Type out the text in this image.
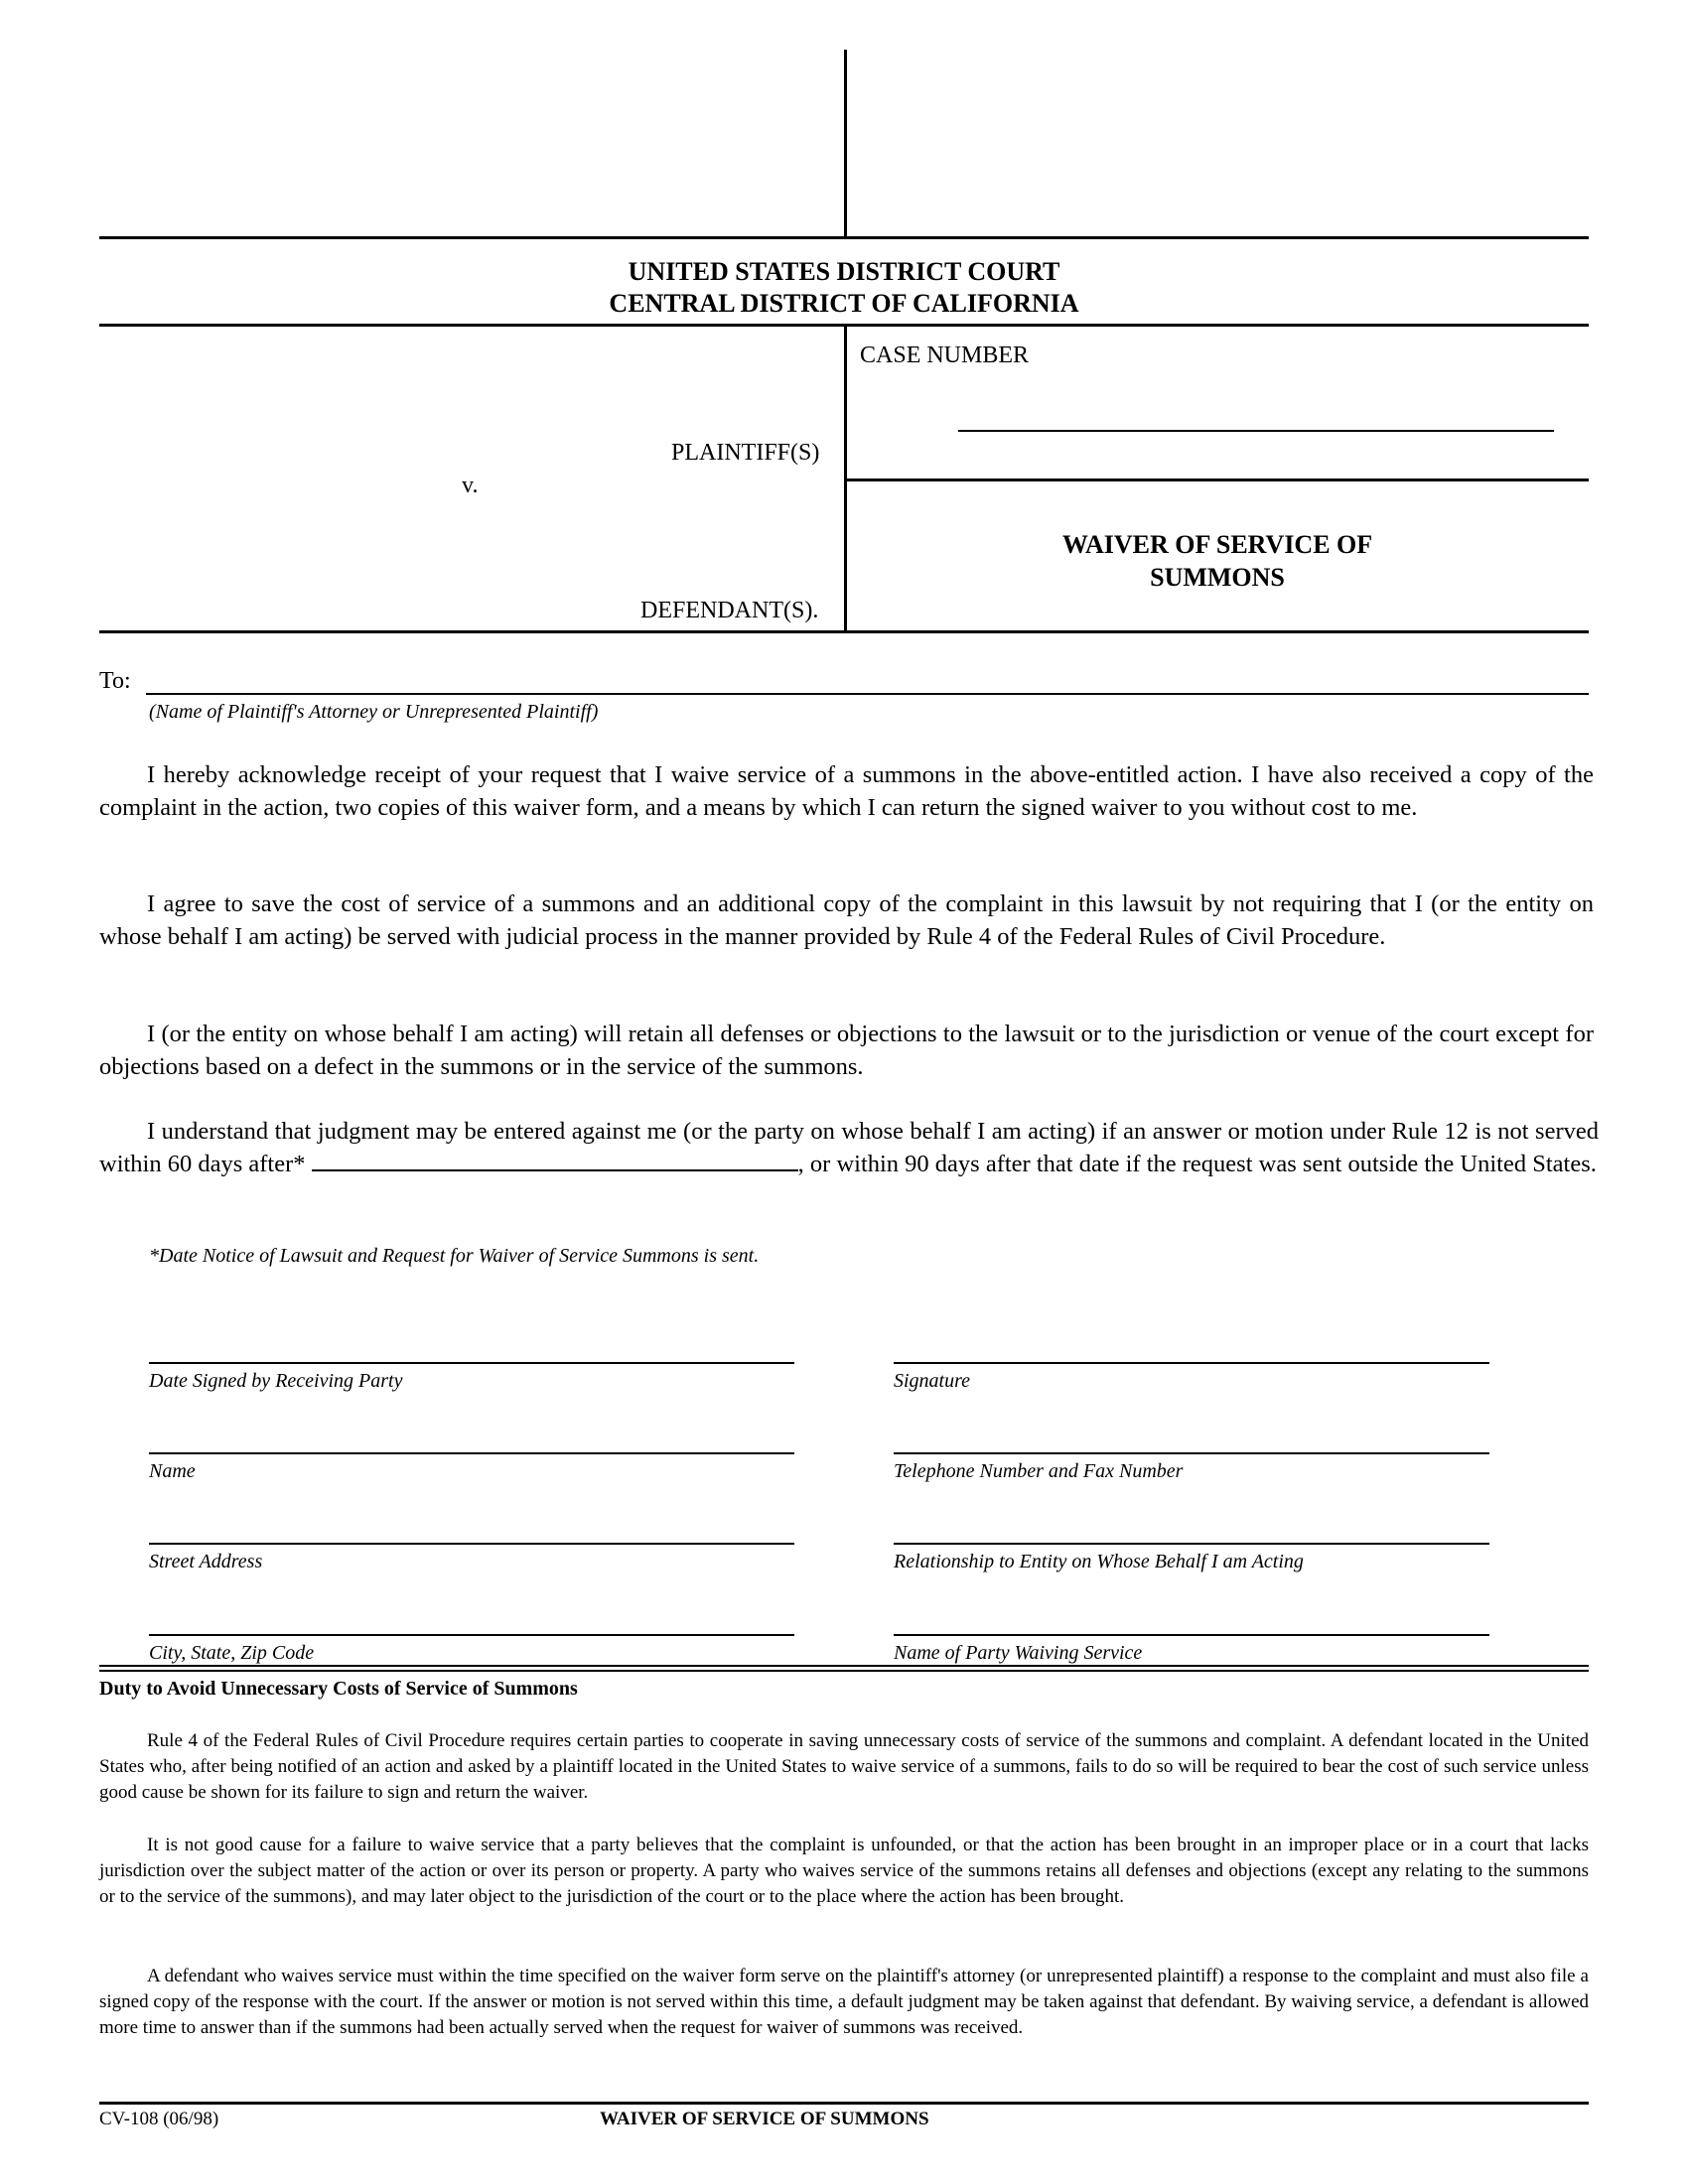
UNITED STATES DISTRICT COURT
CENTRAL DISTRICT OF CALIFORNIA
PLAINTIFF(S)
v.
DEFENDANT(S).
CASE NUMBER
WAIVER OF SERVICE OF
SUMMONS
To:
(Name of Plaintiff's Attorney or Unrepresented Plaintiff)
I hereby acknowledge receipt of your request that I waive service of a summons in the above-entitled action. I have also received a copy of the complaint in the action, two copies of this waiver form, and a means by which I can return the signed waiver to you without cost to me.
I agree to save the cost of service of a summons and an additional copy of the complaint in this lawsuit by not requiring that I (or the entity on whose behalf I am acting) be served with judicial process in the manner provided by Rule 4 of the Federal Rules of Civil Procedure.
I (or the entity on whose behalf I am acting) will retain all defenses or objections to the lawsuit or to the jurisdiction or venue of the court except for objections based on a defect in the summons or in the service of the summons.
I understand that judgment may be entered against me (or the party on whose behalf I am acting) if an answer or motion under Rule 12 is not served within 60 days after*	, or within 90 days after that date if the request was sent outside the United States.
*Date Notice of Lawsuit and Request for Waiver of Service Summons is sent.
Date Signed by Receiving Party	Signature
Name	Telephone Number and Fax Number
Street Address	Relationship to Entity on Whose Behalf I am Acting
City, State, Zip Code	Name of Party Waiving Service
Duty to Avoid Unnecessary Costs of Service of Summons
Rule 4 of the Federal Rules of Civil Procedure requires certain parties to cooperate in saving unnecessary costs of service of the summons and complaint. A defendant located in the United States who, after being notified of an action and asked by a plaintiff located in the United States to waive service of a summons, fails to do so will be required to bear the cost of such service unless good cause be shown for its failure to sign and return the waiver.
It is not good cause for a failure to waive service that a party believes that the complaint is unfounded, or that the action has been brought in an improper place or in a court that lacks jurisdiction over the subject matter of the action or over its person or property. A party who waives service of the summons retains all defenses and objections (except any relating to the summons or to the service of the summons), and may later object to the jurisdiction of the court or to the place where the action has been brought.
A defendant who waives service must within the time specified on the waiver form serve on the plaintiff's attorney (or unrepresented plaintiff) a response to the complaint and must also file a signed copy of the response with the court. If the answer or motion is not served within this time, a default judgment may be taken against that defendant. By waiving service, a defendant is allowed more time to answer than if the summons had been actually served when the request for waiver of summons was received.
CV-108 (06/98)	WAIVER OF SERVICE OF SUMMONS
